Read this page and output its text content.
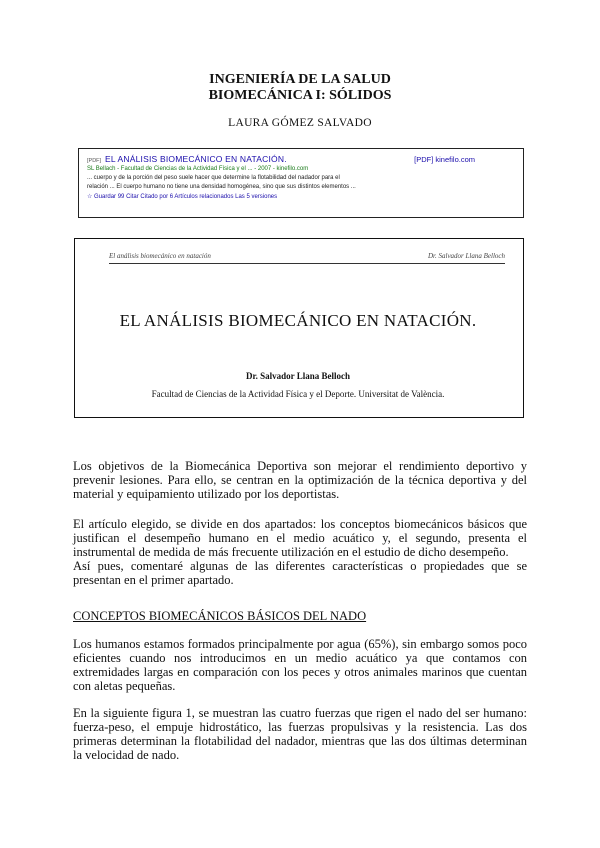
INGENIERÍA DE LA SALUD
BIOMECÁNICA I: SÓLIDOS
LAURA GÓMEZ SALVADO
[PDF] EL ANÁLISIS BIOMECÁNICO EN NATACIÓN.	[PDF] kinefilo.com
SL Bellach - Facultad de Ciencias de la Actividad Física y el ... - 2007 - kinefilo.com
... cuerpo y de la porción del peso suele hacer que determine la flotabilidad del nadador para el
relación ... El cuerpo humano no tiene una densidad homogénea, sino que sus distintos elementos ...
☆ Guardar 99 Citar Citado por 6 Artículos relacionados Las 5 versiones
El análisis biomecánico en natación	Dr. Salvador Llana Belloch
EL ANÁLISIS BIOMECÁNICO EN NATACIÓN.
Dr. Salvador Llana Belloch
Facultad de Ciencias de la Actividad Física y el Deporte. Universitat de València.

Los objetivos de la Biomecánica Deportiva son mejorar el rendimiento deportivo y prevenir lesiones. Para ello, se centran en la optimización de la técnica deportiva y del material y equipamiento utilizado por los deportistas.

El artículo elegido, se divide en dos apartados: los conceptos biomecánicos básicos que justifican el desempeño humano en el medio acuático y, el segundo, presenta el instrumental de medida de más frecuente utilización en el estudio de dicho desempeño.

Así pues, comentaré algunas de las diferentes características o propiedades que se presentan en el primer apartado.

CONCEPTOS BIOMECÁNICOS BÁSICOS DEL NADO

Los humanos estamos formados principalmente por agua (65%), sin embargo somos poco eficientes cuando nos introducimos en un medio acuático ya que contamos con extremidades largas en comparación con los peces y otros animales marinos que cuentan con aletas pequeñas.

En la siguiente figura 1, se muestran las cuatro fuerzas que rigen el nado del ser humano: fuerza-peso, el empuje hidrostático, las fuerzas propulsivas y la resistencia. Las dos primeras determinan la flotabilidad del nadador, mientras que las dos últimas determinan la velocidad de nado.
